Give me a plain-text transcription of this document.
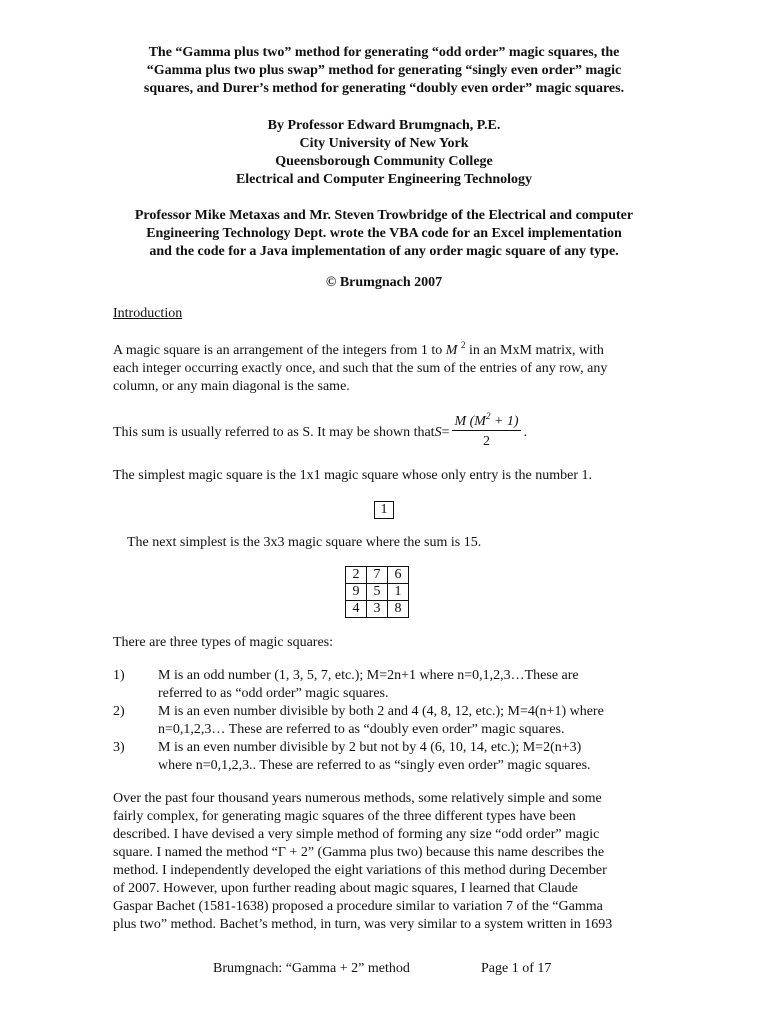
The “Gamma plus two” method for generating “odd order” magic squares, the
“Gamma plus two plus swap” method for generating “singly even order” magic
squares, and Durer’s method for generating “doubly even order” magic squares.
By Professor Edward Brumgnach, P.E.
City University of New York
Queensborough Community College
Electrical and Computer Engineering Technology
Professor Mike Metaxas and Mr. Steven Trowbridge of the Electrical and computer
Engineering Technology Dept. wrote the VBA code for an Excel implementation
and the code for a Java implementation of any order magic square of any type.
© Brumgnach 2007

Introduction

A magic square is an arrangement of the integers from 1 to M $^2$ in an MxM matrix, with
each integer occurring exactly once, and such that the sum of the entries of any row, any
column, or any main diagonal is the same.

This sum is usually referred to as S. It may be shown that $S = \frac{M (M^2 + 1)}{2}$ .

The simplest magic square is the 1x1 magic square whose only entry is the number 1.

1

The next simplest is the 3x3 magic square where the sum is 15.

2	7	6
9	5	1
4	3	8

There are three types of magic squares:

1)	M is an odd number (1, 3, 5, 7, etc.); M=2n+1 where n=0,1,2,3…These are
referred to as “odd order” magic squares.
2)	M is an even number divisible by both 2 and 4 (4, 8, 12, etc.); M=4(n+1) where
n=0,1,2,3… These are referred to as “doubly even order” magic squares.
3)	M is an even number divisible by 2 but not by 4 (6, 10, 14, etc.); M=2(n+3)
where n=0,1,2,3.. These are referred to as “singly even order” magic squares.

Over the past four thousand years numerous methods, some relatively simple and some
fairly complex, for generating magic squares of the three different types have been
described. I have devised a very simple method of forming any size “odd order” magic
square. I named the method “Γ + 2” (Gamma plus two) because this name describes the
method. I independently developed the eight variations of this method during December
of 2007. However, upon further reading about magic squares, I learned that Claude
Gaspar Bachet (1581-1638) proposed a procedure similar to variation 7 of the “Gamma
plus two” method. Bachet’s method, in turn, was very similar to a system written in 1693

Brumgnach: “Gamma + 2” method	Page 1 of 17
